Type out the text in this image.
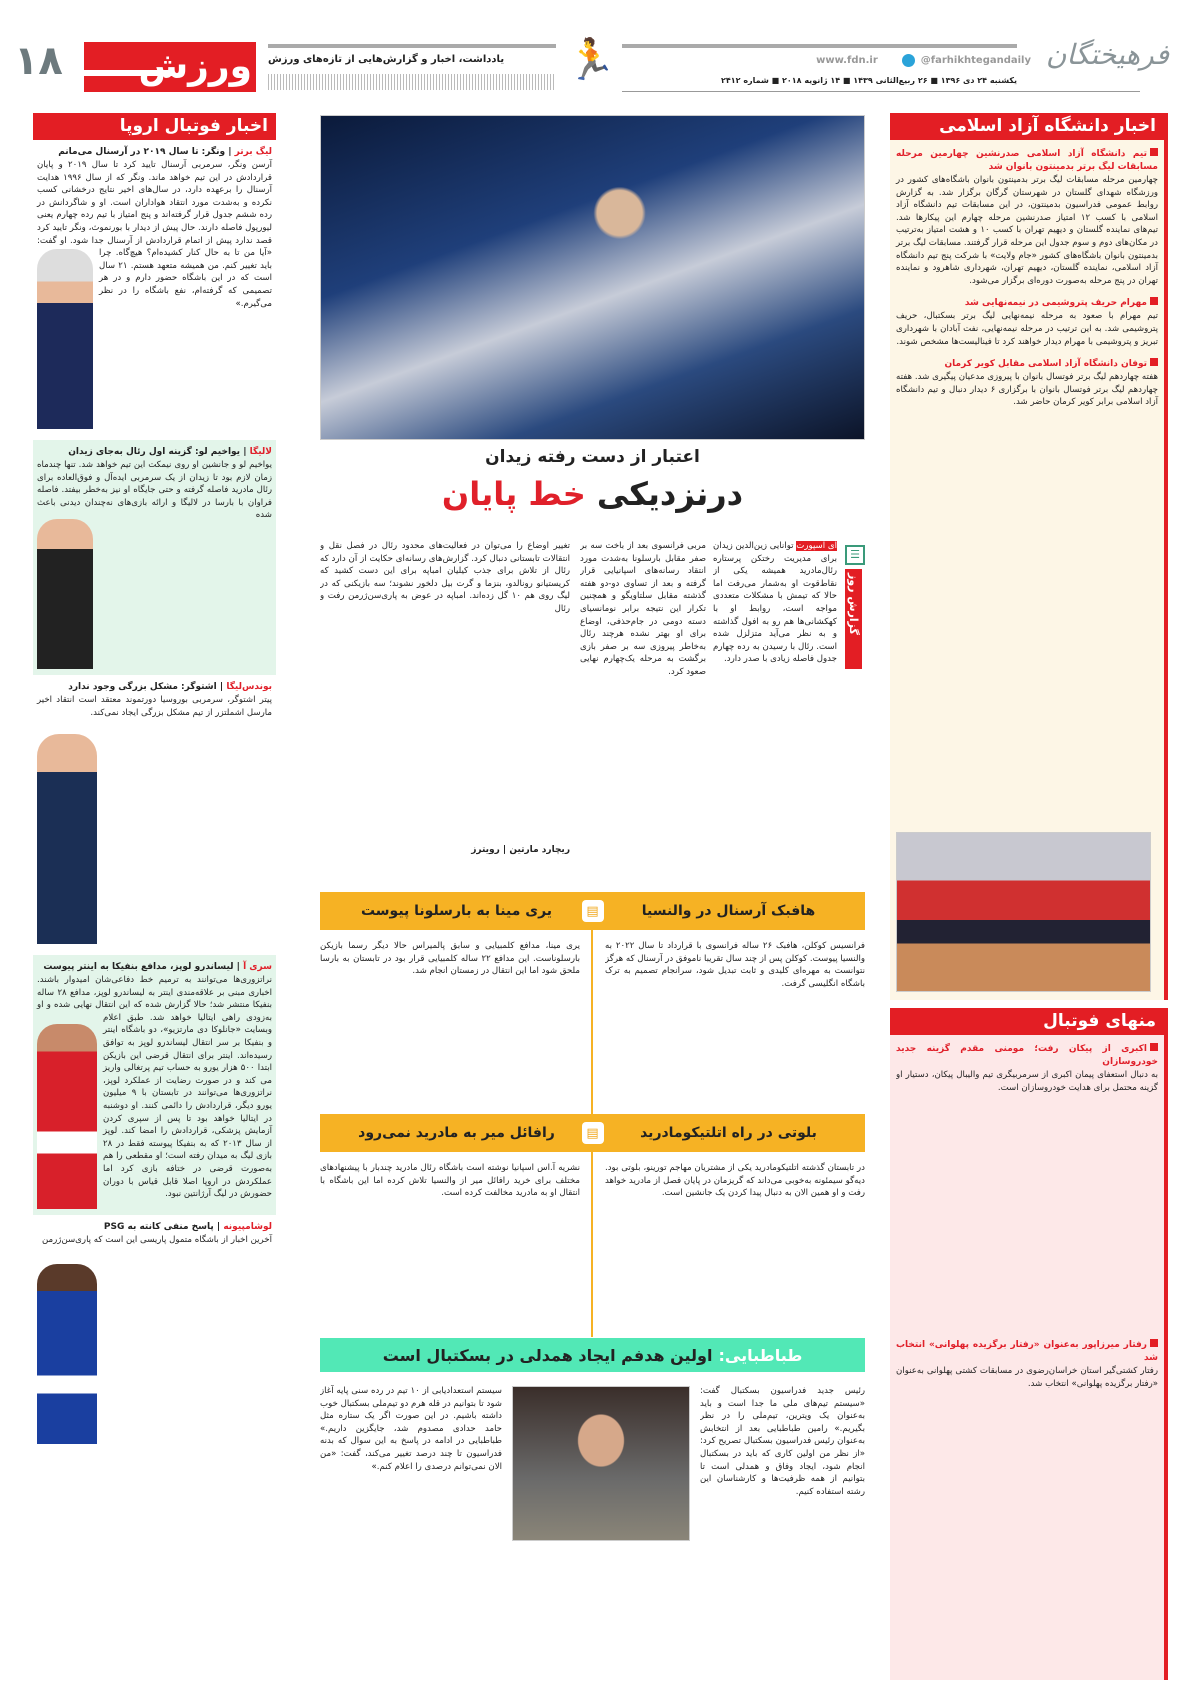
۱۸ ورزش یادداشت، اخبار و گزارش‌هایی از تازه‌های ورزش	🏃	www.fdn.ir	@farhikhtegandaily
یکشنبه ۲۴ دی ۱۳۹۶ ■ ۲۶ ربیع‌الثانی ۱۴۳۹ ■ ۱۴ ژانویه ۲۰۱۸ ■ شماره ۲۴۱۲
فرهیختگان
اخبار فوتبال اروپا
لیگ برتر | ونگر: تا سال ۲۰۱۹ در آرسنال می‌مانم
آرسن ونگر، سرمربی آرسنال تایید کرد تا سال ۲۰۱۹ و پایان قراردادش در این تیم خواهد ماند. ونگر که از سال ۱۹۹۶ هدایت آرسنال را برعهده دارد، در سال‌های اخیر نتایج درخشانی کسب نکرده و به‌شدت مورد انتقاد هواداران است. او و شاگردانش در رده ششم جدول قرار گرفته‌اند و پنج امتیاز با تیم رده چهارم یعنی لیورپول فاصله دارند. حال پیش از دیدار با بورنموث، ونگر تایید کرد قصد ندارد پیش از اتمام قراردادش از آرسنال جدا شود. او گفت: «آیا من تا به حال کنار کشیده‌ام؟ هیچ‌گاه. چرا باید تغییر کنم. من همیشه متعهد هستم. ۲۱ سال است که در این باشگاه حضور دارم و در هر تصمیمی که گرفته‌ام، نفع باشگاه را در نظر می‌گیرم.»
لالیگا | یواخیم لو: گزینه اول رئال به‌جای زیدان
یواخیم لو و جانشین او روی نیمکت این تیم خواهد شد. تنها چندماه زمان لازم بود تا زیدان از یک سرمربی ایده‌آل و فوق‌العاده برای رئال مادرید فاصله گرفته و حتی جایگاه او نیز به‌خطر بیفتد. فاصله فراوان با بارسا در لالیگا و ارائه بازی‌های نه‌چندان دیدنی باعث شده
بوندس‌لیگا | اشتوگر: مشکل بزرگی وجود ندارد
پیتر اشتوگر، سرمربی بوروسیا دورتموند معتقد است انتقاد اخیر مارسل اشملتزر از تیم مشکل بزرگی ایجاد نمی‌کند.
سری آ | لیساندرو لوپز، مدافع بنفیکا به اینتر پیوست
نراتزوری‌ها می‌توانند به ترمیم خط دفاعی‌شان امیدوار باشند. اخباری مبنی بر علاقه‌مندی اینتر به لیساندرو لوپز، مدافع ۲۸ ساله بنفیکا منتشر شد؛ حالا گزارش شده که این انتقال نهایی شده و او به‌زودی راهی ایتالیا خواهد شد. طبق اعلام وبسایت «جانلوکا دی مارتزیو»، دو باشگاه اینتر و بنفیکا بر سر انتقال لیساندرو لوپز به توافق رسیده‌اند. اینتر برای انتقال قرضی این بازیکن ابتدا ۵۰۰ هزار یورو به حساب تیم پرتغالی واریز می کند و در صورت رضایت از عملکرد لوپز، نراتزوری‌ها می‌توانند در تابستان با ۹ میلیون یورو دیگر، قراردادش را دائمی کنند. او دوشنبه در ایتالیا خواهد بود تا پس از سپری کردن آزمایش پزشکی، قراردادش را امضا کند. لوپز از سال ۲۰۱۳ که به بنفیکا پیوسته فقط در ۲۸ بازی لیگ به میدان رفته است؛ او مقطعی را هم به‌صورت قرضی در ختافه بازی کرد اما عملکردش در اروپا اصلا قابل قیاس با دوران حضورش در لیگ آرژانتین نبود.
لوشامپیونه | پاسخ منفی کانته به PSG
آخرین اخبار از باشگاه متمول پاریسی این است که پاری‌سن‌ژرمن
اعتبار از دست رفته زیدان
درنزدیکی خط پایان
☰
گزارش روز
ای اسپورت توانایی زین‌الدین زیدان برای مدیریت رختکن پرستاره رئال‌مادرید همیشه یکی از نقاط‌قوت او به‌شمار می‌رفت اما حالا که تیمش با مشکلات متعددی مواجه است، روابط او با کهکشانی‌ها هم رو به افول گذاشته و به نظر می‌آید متزلزل شده است. رئال با رسیدن به رده چهارم جدول فاصله زیادی با صدر دارد.
مربی فرانسوی بعد از باخت سه بر صفر مقابل بارسلونا به‌شدت مورد انتقاد رسانه‌های اسپانیایی قرار گرفته و بعد از تساوی دو-دو هفته گذشته مقابل سلتاویگو و همچنین تکرار این نتیجه برابر نومانسیای دسته دومی در جام‌حذفی، اوضاع برای او بهتر نشده هرچند رئال به‌خاطر پیروزی سه بر صفر بازی برگشت به مرحله یک‌چهارم نهایی صعود کرد.
تغییر اوضاع را می‌توان در فعالیت‌های محدود رئال در فصل نقل و انتقالات تابستانی دنبال کرد. گزارش‌های رسانه‌ای حکایت از آن دارد که رئال از تلاش برای جذب کیلیان امباپه برای این دست کشید که کریستیانو رونالدو، بنزما و گرت بیل دلخور نشوند؛ سه بازیکنی که در لیگ روی هم ۱۰ گل زده‌اند. امباپه در عوض به پاری‌سن‌ژرمن رفت و رئال
ریچارد مارتین | رویترز
هافبک آرسنال در والنسیا
▤
یری مینا به بارسلونا پیوست
فرانسیس کوکلن، هافبک ۲۶ ساله فرانسوی با قرارداد تا سال ۲۰۲۲ به والنسیا پیوست. کوکلن پس از چند سال تقریبا ناموفق در آرسنال که هرگز نتوانست به مهره‌ای کلیدی و ثابت تبدیل شود، سرانجام تصمیم به ترک باشگاه انگلیسی گرفت.
یری مینا، مدافع کلمبیایی و سابق پالمیراس حالا دیگر رسما بازیکن بارسلوناست. این مدافع ۲۲ ساله کلمبیایی قرار بود در تابستان به بارسا ملحق شود اما این انتقال در زمستان انجام شد.
بلوتی در راه اتلتیکومادرید
▤
رافائل میر به مادرید نمی‌رود
در تابستان گذشته اتلتیکومادرید یکی از مشتریان مهاجم تورینو، بلوتی بود. دیه‌گو سیمئونه به‌خوبی می‌داند که گریزمان در پایان فصل از مادرید خواهد رفت و او همین الان به دنبال پیدا کردن یک جانشین است.
نشریه آ.اس اسپانیا نوشته است باشگاه رئال مادرید چندبار با پیشنهادهای مختلف برای خرید رافائل میر از والنسیا تلاش کرده اما این باشگاه با انتقال او به مادرید مخالفت کرده است.
طباطبایی:
اولین هدفم ایجاد همدلی در بسکتبال است
رئیس جدید فدراسیون بسکتبال گفت: «سیستم تیم‌های ملی ما جدا است و باید به‌عنوان یک ویترین، تیم‌ملی را در نظر بگیریم.» رامین طباطبایی بعد از انتخابش به‌عنوان رئیس فدراسیون بسکتبال تصریح کرد: «از نظر من اولین کاری که باید در بسکتبال انجام شود، ایجاد وفاق و همدلی است تا بتوانیم از همه ظرفیت‌ها و کارشناسان این رشته استفاده کنیم.
سیستم استعدادیابی از ۱۰ تیم در رده سنی پایه آغاز شود تا بتوانیم در قله هرم دو تیم‌ملی بسکتبال خوب داشته باشیم. در این صورت اگر یک ستاره مثل حامد حدادی مصدوم شد، جایگزین داریم.» طباطبایی در ادامه در پاسخ به این سوال که بدنه فدراسیون تا چند درصد تغییر می‌کند، گفت: «من الان نمی‌توانم درصدی را اعلام کنم.»
اخبار دانشگاه آزاد اسلامی
تیم دانشگاه آزاد اسلامی صدرنشین چهارمین مرحله مسابقات لیگ برتر بدمینتون بانوان شد
چهارمین مرحله مسابقات لیگ برتر بدمینتون بانوان باشگاه‌های کشور در ورزشگاه شهدای گلستان در شهرستان گرگان برگزار شد. به گزارش روابط عمومی فدراسیون بدمینتون، در این مسابقات تیم دانشگاه آزاد اسلامی با کسب ۱۲ امتیاز صدرنشین مرحله چهارم این پیکارها شد. تیم‌های نماینده گلستان و دیهیم تهران با کسب ۱۰ و هشت امتیاز به‌ترتیب در مکان‌های دوم و سوم جدول این مرحله قرار گرفتند. مسابقات لیگ برتر بدمینتون بانوان باشگاه‌های کشور «جام ولایت» با شرکت پنج تیم دانشگاه آزاد اسلامی، نماینده گلستان، دیهیم تهران، شهرداری شاهرود و نماینده تهران در پنج مرحله به‌صورت دوره‌ای برگزار می‌شود.
مهرام حریف پتروشیمی در نیمه‌نهایی شد
تیم مهرام با صعود به مرحله نیمه‌نهایی لیگ برتر بسکتبال، حریف پتروشیمی شد. به این ترتیب در مرحله نیمه‌نهایی، نفت آبادان با شهرداری تبریز و پتروشیمی با مهرام دیدار خواهند کرد تا فینالیست‌ها مشخص شوند.
توفان دانشگاه آزاد اسلامی مقابل کویر کرمان
هفته چهاردهم لیگ برتر فوتسال بانوان با پیروزی مدعیان پیگیری شد. هفته چهاردهم لیگ برتر فوتسال بانوان با برگزاری ۶ دیدار دنبال و تیم دانشگاه آزاد اسلامی برابر کویر کرمان حاضر شد.
منهای فوتبال
اکبری از پیکان رفت؛ مومنی مقدم گزینه جدید خودروسازان
به دنبال استعفای پیمان اکبری از سرمربیگری تیم والیبال پیکان، دستیار او گزینه محتمل برای هدایت خودروسازان است.
رفتار میرزاپور به‌عنوان «رفتار برگزیده پهلوانی» انتخاب شد
رفتار کشتی‌گیر استان خراسان‌رضوی در مسابقات کشتی پهلوانی به‌عنوان «رفتار برگزیده پهلوانی» انتخاب شد.
